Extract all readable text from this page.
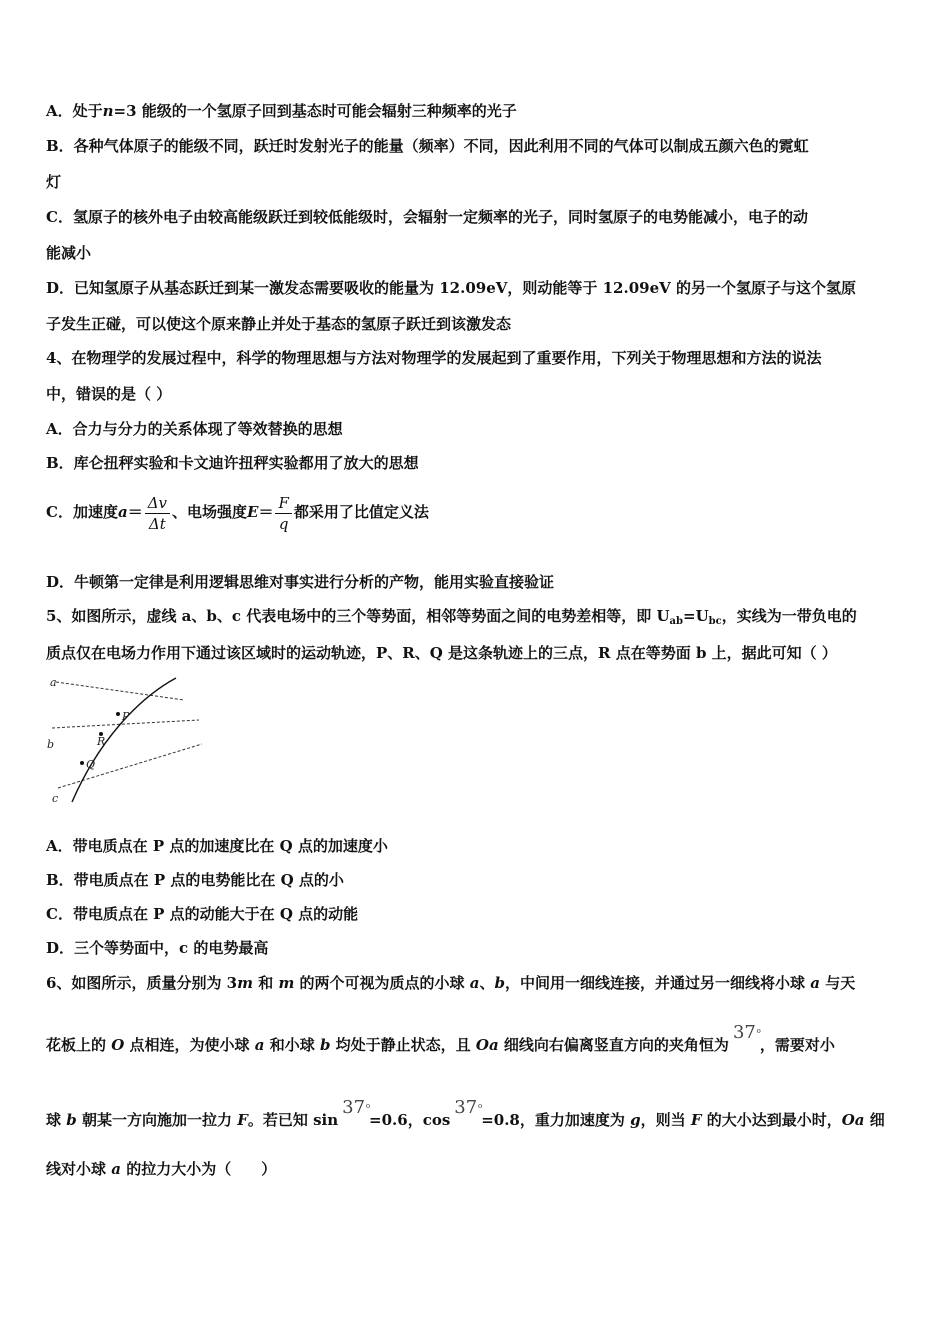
A．处于n=3 能级的一个氢原子回到基态时可能会辐射三种频率的光子
B．各种气体原子的能级不同，跃迁时发射光子的能量（频率）不同，因此利用不同的气体可以制成五颜六色的霓虹
灯
C．氢原子的核外电子由较高能级跃迁到较低能级时，会辐射一定频率的光子，同时氢原子的电势能减小，电子的动
能减小
D．已知氢原子从基态跃迁到某一激发态需要吸收的能量为 12.09eV，则动能等于 12.09eV 的另一个氢原子与这个氢原
子发生正碰，可以使这个原来静止并处于基态的氢原子跃迁到该激发态
4、在物理学的发展过程中，科学的物理思想与方法对物理学的发展起到了重要作用，下列关于物理思想和方法的说法
中，错误的是（ ）
A．合力与分力的关系体现了等效替换的思想
B．库仑扭秤实验和卡文迪许扭秤实验都用了放大的思想
C．加速度$a= \frac{\Delta v}{\Delta t}$ 、电场强度$E= \frac{F}{q}$ 都采用了比值定义法
D．牛顿第一定律是利用逻辑思维对事实进行分析的产物，能用实验直接验证
5、如图所示，虚线 a、b、c 代表电场中的三个等势面，相邻等势面之间的电势差相等，即 $U_{ab}=U_{bc}$，实线为一带负电的
质点仅在电场力作用下通过该区域时的运动轨迹，P、R、Q 是这条轨迹上的三点，R 点在等势面 b 上，据此可知（ ）
a
b
c
P
R
Q
A．带电质点在 P 点的加速度比在 Q 点的加速度小
B．带电质点在 P 点的电势能比在 Q 点的小
C．带电质点在 P 点的动能大于在 Q 点的动能
D．三个等势面中，c 的电势最高
6、如图所示，质量分别为 3m 和 m 的两个可视为质点的小球 a、b，中间用一细线连接，并通过另一细线将小球 a 与天
花板上的 O 点相连，为使小球 a 和小球 b 均处于静止状态，且 Oa 细线向右偏离竖直方向的夹角恒为37 o
，需要对小
球 b 朝某一方向施加一拉力 F。若已知 sin37 o
=0.6，cos37 o
=0.8，重力加速度为 g，则当 F 的大小达到最小时，Oa 细
线对小球 a 的拉力大小为（　　）
